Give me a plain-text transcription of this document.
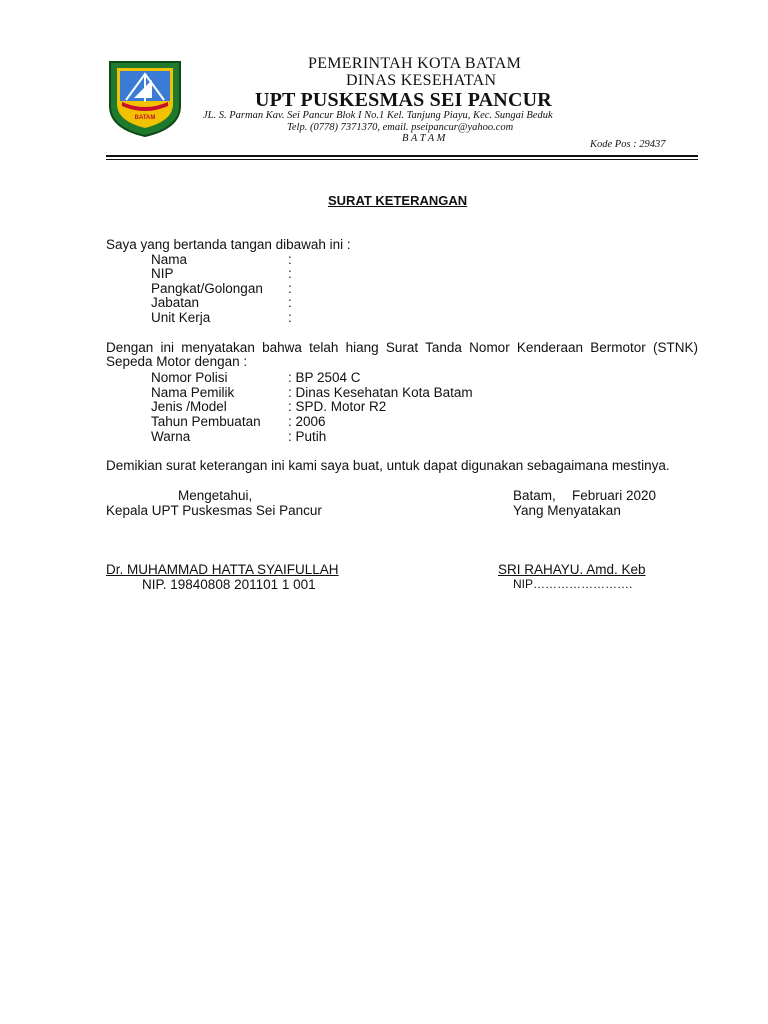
BATAM
PEMERINTAH KOTA BATAM
DINAS KESEHATAN
UPT PUSKESMAS SEI PANCUR
JL. S. Parman Kav. Sei Pancur Blok I No.1 Kel. Tanjung Piayu, Kec. Sungai Beduk
Telp. (0778) 7371370, email. pseipancur@yahoo.com
B A T A M
Kode Pos : 29437
SURAT KETERANGAN
Saya yang bertanda tangan dibawah ini :
Nama	:
NIP	:
Pangkat/Golongan :
Jabatan	:
Unit Kerja	:
Dengan ini menyatakan bahwa telah hiang Surat Tanda Nomor Kenderaan Bermotor (STNK)
Sepeda Motor dengan :
Nomor Polisi	: BP 2504 C
Nama Pemilik	: Dinas Kesehatan Kota Batam
Jenis /Model	: SPD. Motor R2
Tahun Pembuatan : 2006
Warna	: Putih
Demikian surat keterangan ini kami saya buat, untuk dapat digunakan sebagaimana mestinya.
Mengetahui,
Kepala UPT Puskesmas Sei Pancur
Dr. MUHAMMAD HATTA SYAIFULLAH
NIP. 19840808 201101 1 001
Batam, Februari 2020
Yang Menyatakan
SRI RAHAYU. Amd. Keb
NIP…………………….
